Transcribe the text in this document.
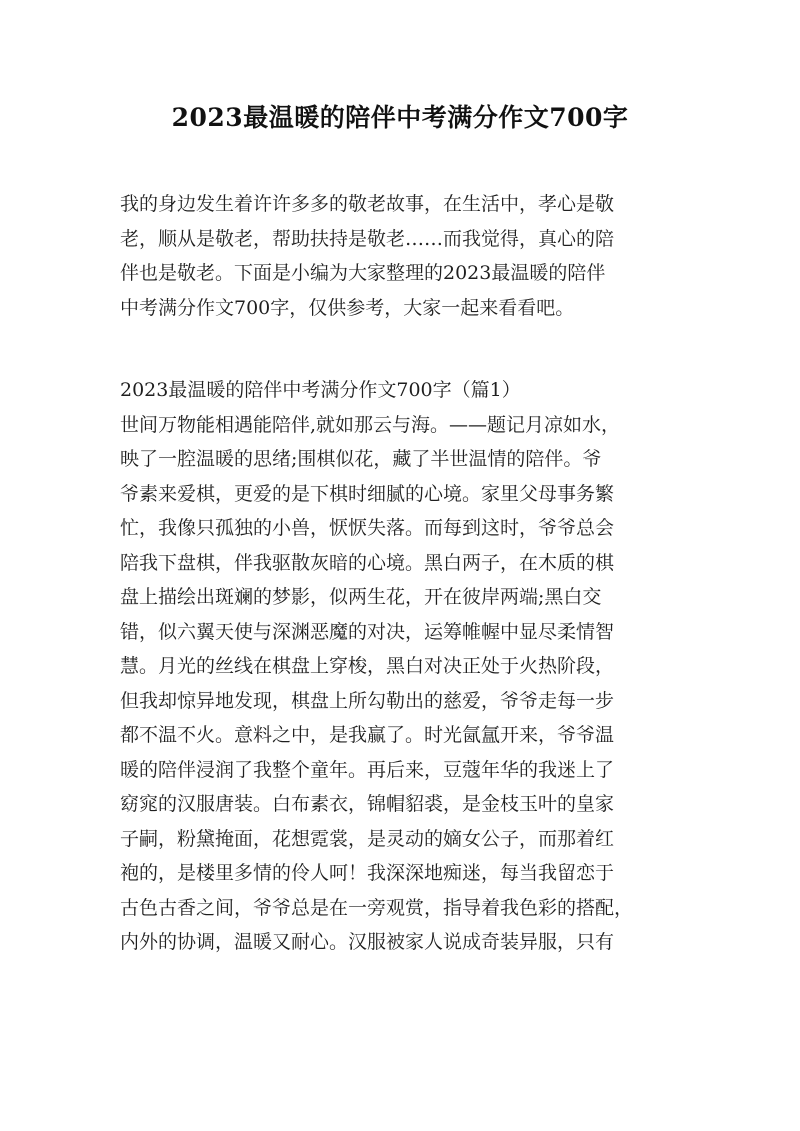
2023最温暖的陪伴中考满分作文700字
我的身边发生着许许多多的敬老故事，在生活中，孝心是敬
老，顺从是敬老，帮助扶持是敬老……而我觉得，真心的陪
伴也是敬老。下面是小编为大家整理的2023最温暖的陪伴
中考满分作文700字，仅供参考，大家一起来看看吧。
2023最温暖的陪伴中考满分作文700字（篇1）
世间万物能相遇能陪伴,就如那云与海。——题记月凉如水，
映了一腔温暖的思绪;围棋似花，藏了半世温情的陪伴。爷
爷素来爱棋，更爱的是下棋时细腻的心境。家里父母事务繁
忙，我像只孤独的小兽，恹恹失落。而每到这时，爷爷总会
陪我下盘棋，伴我驱散灰暗的心境。黑白两子，在木质的棋
盘上描绘出斑斓的梦影，似两生花，开在彼岸两端;黑白交
错，似六翼天使与深渊恶魔的对决，运筹帷幄中显尽柔情智
慧。月光的丝线在棋盘上穿梭，黑白对决正处于火热阶段，
但我却惊异地发现，棋盘上所勾勒出的慈爱，爷爷走每一步
都不温不火。意料之中，是我赢了。时光氤氲开来，爷爷温
暖的陪伴浸润了我整个童年。再后来，豆蔻年华的我迷上了
窈窕的汉服唐装。白布素衣，锦帽貂裘，是金枝玉叶的皇家
子嗣，粉黛掩面，花想霓裳，是灵动的嫡女公子，而那着红
袍的，是楼里多情的伶人呵！我深深地痴迷，每当我留恋于
古色古香之间，爷爷总是在一旁观赏，指导着我色彩的搭配，
内外的协调，温暖又耐心。汉服被家人说成奇装异服，只有
